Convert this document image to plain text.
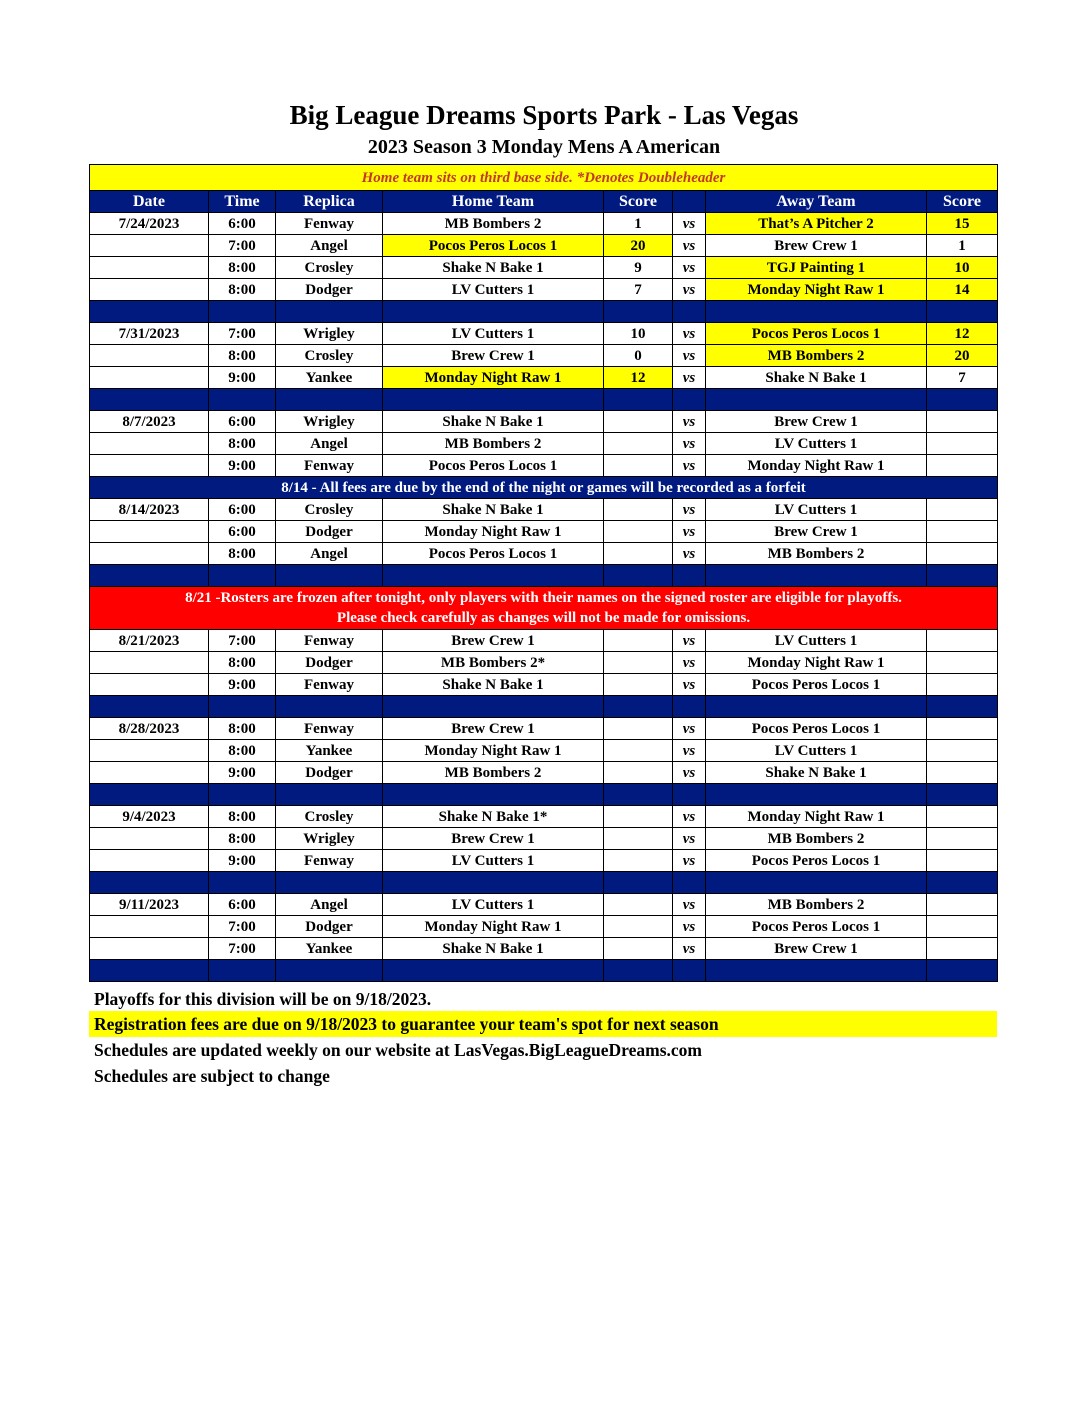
Big League Dreams Sports Park - Las Vegas
2023 Season 3 Monday Mens A American
Home team sits on third base side. *Denotes Doubleheader							
Date	Time	Replica	Home Team	Score		Away Team	Score
7/24/2023	6:00	Fenway	MB Bombers 2	1	vs	That’s A Pitcher 2	15
	7:00	Angel	Pocos Peros Locos 1	20	vs	Brew Crew 1	1
	8:00	Crosley	Shake N Bake 1	9	vs	TGJ Painting 1	10
	8:00	Dodger	LV Cutters 1	7	vs	Monday Night Raw 1	14

7/31/2023	7:00	Wrigley	LV Cutters 1	10	vs	Pocos Peros Locos 1	12
	8:00	Crosley	Brew Crew 1	0	vs	MB Bombers 2	20
	9:00	Yankee	Monday Night Raw 1	12	vs	Shake N Bake 1	7

8/7/2023	6:00	Wrigley	Shake N Bake 1		vs	Brew Crew 1	
	8:00	Angel	MB Bombers 2		vs	LV Cutters 1	
	9:00	Fenway	Pocos Peros Locos 1		vs	Monday Night Raw 1	
8/14 - All fees are due by the end of the night or games will be recorded as a forfeit							
8/14/2023	6:00	Crosley	Shake N Bake 1		vs	LV Cutters 1	
	6:00	Dodger	Monday Night Raw 1		vs	Brew Crew 1	
	8:00	Angel	Pocos Peros Locos 1		vs	MB Bombers 2	

8/21 -Rosters are frozen after tonight, only players with their names on the signed roster are eligible for playoffs.
Please check carefully as changes will not be made for omissions.							

8/21/2023	7:00	Fenway	Brew Crew 1		vs	LV Cutters 1	
	8:00	Dodger	MB Bombers 2*		vs	Monday Night Raw 1	
	9:00	Fenway	Shake N Bake 1		vs	Pocos Peros Locos 1	

8/28/2023	8:00	Fenway	Brew Crew 1		vs	Pocos Peros Locos 1	
	8:00	Yankee	Monday Night Raw 1		vs	LV Cutters 1	
	9:00	Dodger	MB Bombers 2		vs	Shake N Bake 1	

9/4/2023	8:00	Crosley	Shake N Bake 1*		vs	Monday Night Raw 1	
	8:00	Wrigley	Brew Crew 1		vs	MB Bombers 2	
	9:00	Fenway	LV Cutters 1		vs	Pocos Peros Locos 1	

9/11/2023	6:00	Angel	LV Cutters 1		vs	MB Bombers 2	
	7:00	Dodger	Monday Night Raw 1		vs	Pocos Peros Locos 1	
	7:00	Yankee	Shake N Bake 1		vs	Brew Crew 1	

Playoffs for this division will be on 9/18/2023.
Registration fees are due on 9/18/2023 to guarantee your team's spot for next season
Schedules are updated weekly on our website at LasVegas.BigLeagueDreams.com
Schedules are subject to change
